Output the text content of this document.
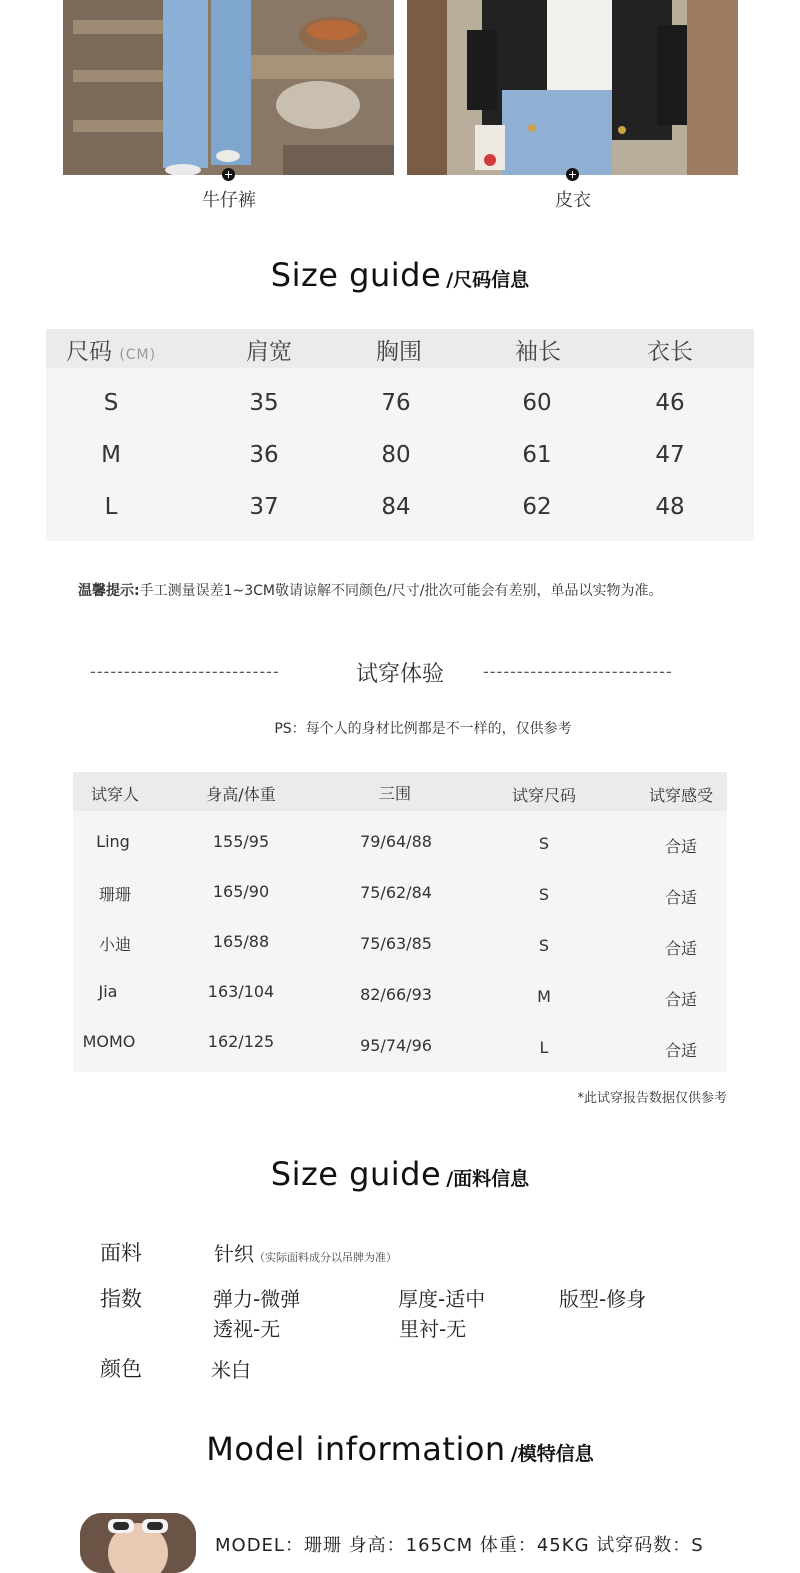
牛仔裤	皮衣
Size guide /尺码信息
尺码 (CM)	肩宽	胸围	袖长	衣长
S	35	76	60	46
M	36	80	61	47
L	37	84	62	48
温馨提示:手工测量误差1~3CM敬请谅解不同颜色/尺寸/批次可能会有差别，单品以实物为准。
----------------------------	试穿体验	----------------------------
PS：每个人的身材比例都是不一样的，仅供参考
试穿人	身高/体重	三围	试穿尺码	试穿感受
Ling	155/95	79/64/88	S	合适
珊珊	165/90	75/62/84	S	合适
小迪	165/88	75/63/85	S	合适
Jia	163/104	82/66/93	M	合适
MOMO	162/125	95/74/96	L	合适
*此试穿报告数据仅供参考
Size guide /面料信息
面料	针织（实际面料成分以吊牌为准）
指数	弹力-微弹	厚度-适中	版型-修身
透视-无	里衬-无
颜色	米白
Model information /模特信息
MODEL：珊珊 身高：165CM 体重：45KG 试穿码数：S
